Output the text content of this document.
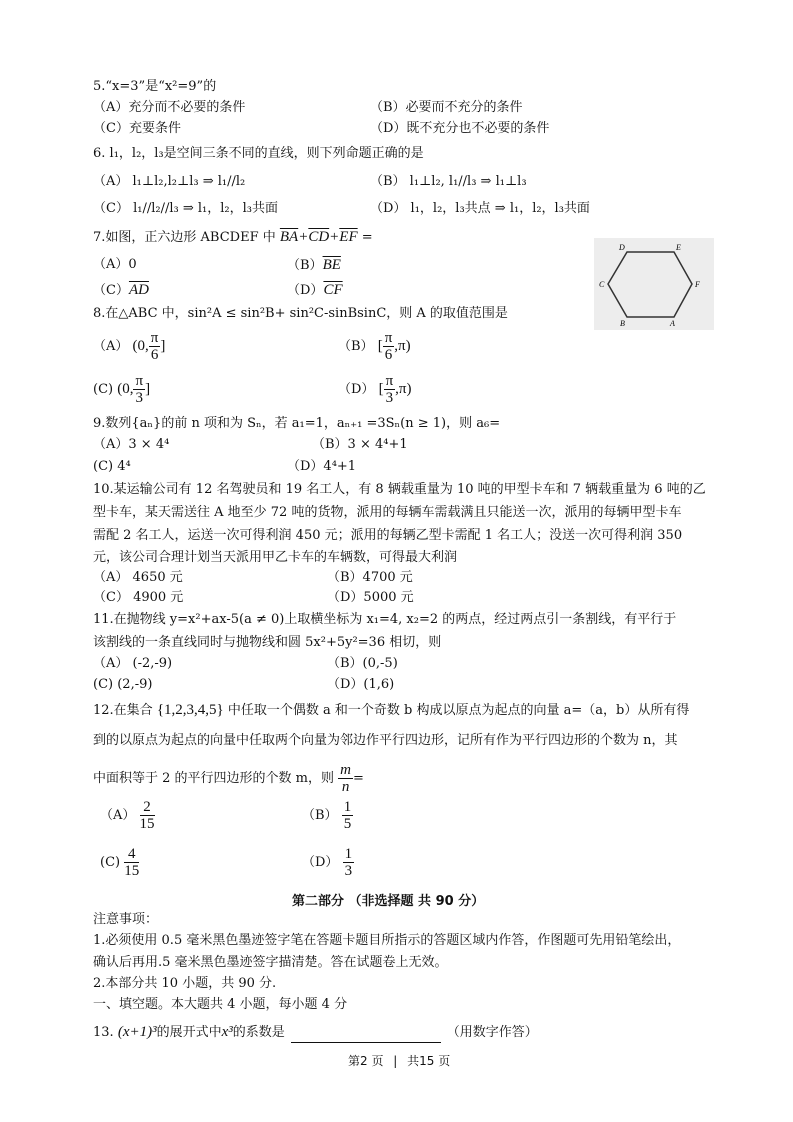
5.“x=3”是“x²=9”的
（A）充分而不必要的条件	（B）必要而不充分的条件
（C）充要条件	（D）既不充分也不必要的条件
6. l₁，l₂，l₃是空间三条不同的直线，则下列命题正确的是
（A） l₁⊥l₂,l₂⊥l₃ ⇒ l₁//l₂	（B） l₁⊥l₂, l₁//l₃ ⇒ l₁⊥l₃
（C） l₁//l₂//l₃ ⇒ l₁，l₂，l₃共面	（D） l₁，l₂，l₃共点 ⇒ l₁，l₂，l₃共面
7.如图，正六边形 ABCDEF 中 $\overline{BA}+\overline{CD}+\overline{EF}$ =
（A）0	$(B)\overline{BE}$
$(C)\overline{AD}$	$(D)\overline{CF}$
D	E
C	F
B	A
8.在△ABC 中，sin²A ≤ sin²B+ sin²C-sinBsinC，则 A 的取值范围是
（A） (0, $\frac{\pi}{6}$ ]	（B） [ $\frac{\pi}{6} ,\pi$)
(C) (0, $\frac{\pi}{3}$ ]	（D） [ $\frac{\pi}{3} ,\pi$)
9.数列{aₙ}的前 n 项和为 Sₙ，若 a₁=1，aₙ₊₁ =3Sₙ(n ≥ 1)，则 a₆=
（A）3 × 4⁴	（B）3 × 4⁴+1
(C) 4⁴	（D）4⁴+1
10.某运输公司有 12 名驾驶员和 19 名工人，有 8 辆载重量为 10 吨的甲型卡车和 7 辆载重量为 6 吨的乙
型卡车，某天需送往 A 地至少 72 吨的货物，派用的每辆车需载满且只能送一次，派用的每辆甲型卡车
需配 2 名工人，运送一次可得利润 450 元；派用的每辆乙型卡需配 1 名工人；没送一次可得利润 350
元，该公司合理计划当天派用甲乙卡车的车辆数，可得最大利润
（A） 4650 元	（B）4700 元
（C） 4900 元	（D）5000 元
11.在抛物线 y=x²+ax-5(a ≠ 0)上取横坐标为 x₁=4, x₂=2 的两点，经过两点引一条割线，有平行于
该割线的一条直线同时与抛物线和圆 5x²+5y²=36 相切，则
（A） (-2,-9)	（B）(0,-5)
(C) (2,-9)	（D）(1,6)
12.在集合 {1,2,3,4,5} 中任取一个偶数 a 和一个奇数 b 构成以原点为起点的向量 a=（a，b）从所有得
到的以原点为起点的向量中任取两个向量为邻边作平行四边形，记所有作为平行四边形的个数为 n，其
中面积等于 2 的平行四边形的个数 m，则 $\frac{m}{n}$ =
$(A) \frac{2}{15}$	$(B) \frac{1}{5}$
$(C) \frac{4}{15}$	$(D) \frac{1}{3}$
第二部分 （非选择题 共 90 分）
注意事项：
1.必须使用 0.5 毫米黑色墨迹签字笔在答题卡题目所指示的答题区域内作答，作图题可先用铅笔绘出，
确认后再用.5 毫米黑色墨迹签字描清楚。答在试题卷上无效。
2.本部分共 10 小题，共 90 分.
一、填空题。本大题共 4 小题，每小题 4 分
13. (x+1)³的展开式中x³的系数是	（用数字作答）
第2 页 | 共15 页
